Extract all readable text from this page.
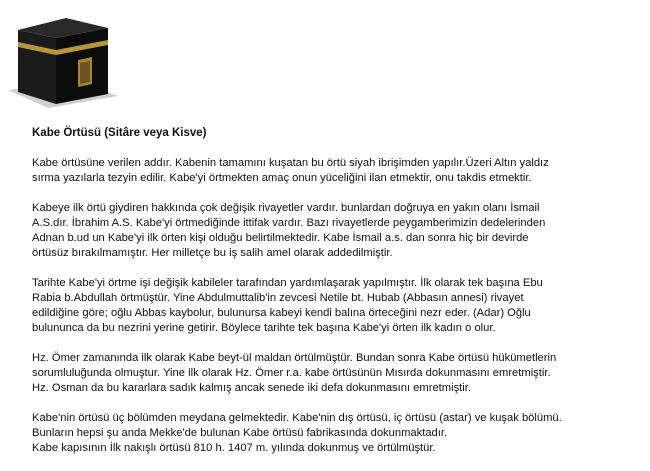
Kabe Örtüsü (Sitâre veya Kisve)
Kabe örtüsüne verilen addır. Kabenin tamamını kuşatan bu örtü siyah ibrişimden yapılır.Üzeri Altın yaldız
sırma yazılarla tezyin edilir. Kabe'yi örtmekten amaç onun yüceliğini ilan etmektir, onu takdis etmektir.
Kabeye ilk örtü giydiren hakkında çok değişik rivayetler vardır. bunlardan doğruya en yakın olanı İsmail
A.S.dır. İbrahim A.S. Kabe'yi örtmediğinde ittifak vardır. Bazı rivayetlerde peygamberimizin dedelerinden
Adnan b.ud un Kabe'yi ilk örten kişi olduğu belirtilmektedir. Kabe İsmail a.s. dan sonra hiç bir devirde
örtüsüz bırakılmamıştır. Her milletçe bu iş salih amel olarak addedilmiştir.
Tarihte Kabe'yi örtme işi değişik kabileler tarafından yardımlaşarak yapılmıştır. İlk olarak tek başına Ebu
Rabia b.Abdullah örtmüştür. Yine Abdulmuttalib'in zevcesi Netile bt. Hubab (Abbasın annesi) rivayet
edildiğine göre; oğlu Abbas kaybolur, bulunursa kabeyi kendi balına örteceğini nezr eder. (Adar) Oğlu
bulununca da bu nezrini yerine getirir. Böylece tarihte tek başına Kabe'yi örten ilk kadın o olur.
Hz. Ömer zamanında ilk olarak Kabe beyt-ül maldan örtülmüştür. Bundan sonra Kabe örtüsü hükümetlerin
sorumluluğunda olmuştur. Yine ilk olarak Hz. Ömer r.a. kabe örtüsünün Mısırda dokunmasını emretmiştir.
Hz. Osman da bu kararlara sadık kalmış ancak senede iki defa dokunmasını emretmiştir.
Kabe'nin örtüsü üç bölümden meydana gelmektedir. Kabe'nin dış örtüsü, iç örtüsü (astar) ve kuşak bölümü.
Bunların hepsi şu anda Mekke'de bulunan Kabe örtüsü fabrikasında dokunmaktadır.
Kabe kapısının İlk nakışlı örtüsü 810 h. 1407 m. yılında dokunmuş ve örtülmüştür.
